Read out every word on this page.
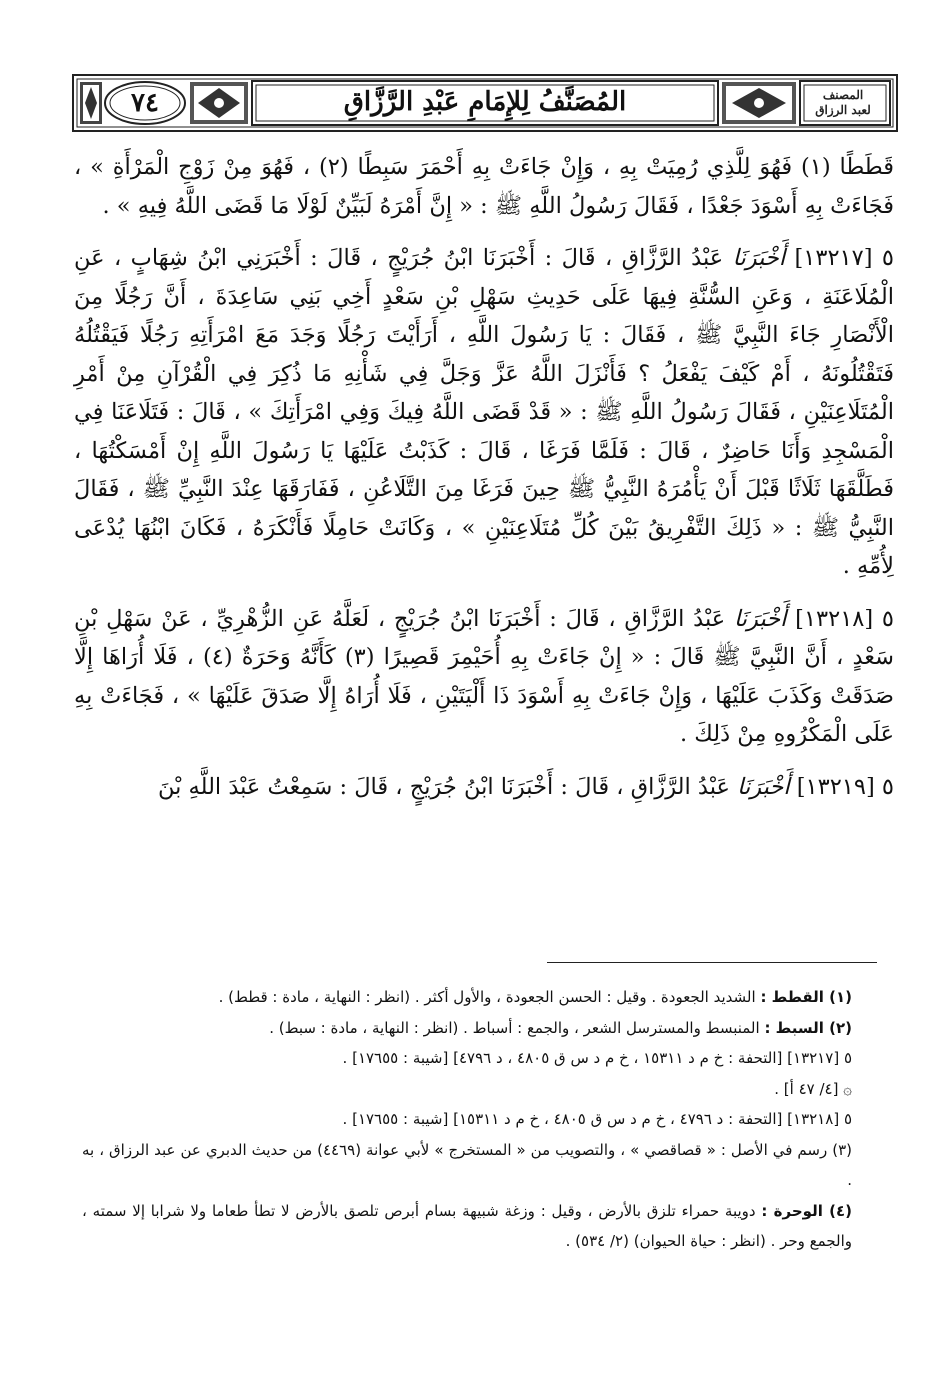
٧٤	المُصَنَّفُ لِلإِمَامِ عَبْدِ الرَّزَّاقِ	المصنف
لعبد الرزاق

قَطَطًا (١) فَهُوَ لِلَّذِي رُمِيَتْ بِهِ ، وَإِنْ جَاءَتْ بِهِ أَحْمَرَ سَبِطًا (٢) ، فَهُوَ مِنْ زَوْجِ الْمَرْأَةِ » ، فَجَاءَتْ بِهِ أَسْوَدَ جَعْدًا ، فَقَالَ رَسُولُ اللَّهِ ﷺ : « إِنَّ أَمْرَهُ لَبَيِّنٌ لَوْلَا مَا قَضَى اللَّهُ فِيهِ » .

٥ [١٣٢١٧] أَخْبَرَنَا عَبْدُ الرَّزَّاقِ ، قَالَ : أَخْبَرَنَا ابْنُ جُرَيْجٍ ، قَالَ : أَخْبَرَنِي ابْنُ شِهَابٍ ، عَنِ الْمُلَاعَنَةِ ، وَعَنِ السُّنَّةِ فِيهَا عَلَى حَدِيثِ سَهْلِ بْنِ سَعْدٍ أَخِي بَنِي سَاعِدَةَ ، أَنَّ رَجُلًا مِنَ الْأَنْصَارِ جَاءَ النَّبِيَّ ﷺ ، فَقَالَ : يَا رَسُولَ اللَّهِ ، أَرَأَيْتَ رَجُلًا وَجَدَ مَعَ امْرَأَتِهِ رَجُلًا فَيَقْتُلُهُ فَتَقْتُلُونَهُ ، أَمْ كَيْفَ يَفْعَلُ ؟ فَأَنْزَلَ اللَّهُ عَزَّ وَجَلَّ فِي شَأْنِهِ مَا ذُكِرَ فِي الْقُرْآنِ مِنْ أَمْرِ الْمُتَلَاعِنَيْنِ ، فَقَالَ رَسُولُ اللَّهِ ﷺ : « قَدْ قَضَى اللَّهُ فِيكَ وَفِي امْرَأَتِكَ » ، قَالَ : فَتَلَاعَنَا فِي الْمَسْجِدِ وَأَنَا حَاضِرٌ ، قَالَ : فَلَمَّا فَرَغَا ، قَالَ : كَذَبْتُ عَلَيْهَا يَا رَسُولَ اللَّهِ إِنْ أَمْسَكْتُهَا ، فَطَلَّقَهَا ثَلَاثًا قَبْلَ أَنْ يَأْمُرَهُ النَّبِيُّ ﷺ حِينَ فَرَغَا مِنَ التَّلَاعُنِ ، فَفَارَقَهَا عِنْدَ النَّبِيِّ ﷺ ، فَقَالَ النَّبِيُّ ﷺ : « ذَلِكَ التَّفْرِيقُ بَيْنَ كُلِّ مُتَلَاعِنَيْنِ » ، وَكَانَتْ حَامِلًا فَأَنْكَرَهُ ، فَكَانَ ابْنُهَا يُدْعَى لِأُمِّهِ .

٥ [١٣٢١٨] أَخْبَرَنَا عَبْدُ الرَّزَّاقِ ، قَالَ : أَخْبَرَنَا ابْنُ جُرَيْجٍ ، لَعَلَّهُ عَنِ الزُّهْرِيِّ ، عَنْ سَهْلِ بْنِ سَعْدٍ ، أَنَّ النَّبِيَّ ﷺ قَالَ : « إِنْ جَاءَتْ بِهِ أُحَيْمِرَ قَصِيرًا (٣) كَأَنَّهُ وَحَرَةٌ (٤) ، فَلَا أُرَاهَا إِلَّا صَدَقَتْ وَكَذَبَ عَلَيْهَا ، وَإِنْ جَاءَتْ بِهِ أَسْوَدَ ذَا أَلْيَتَيْنِ ، فَلَا أُرَاهُ إِلَّا صَدَقَ عَلَيْهَا » ، فَجَاءَتْ بِهِ عَلَى الْمَكْرُوهِ مِنْ ذَلِكَ .

٥ [١٣٢١٩] أَخْبَرَنَا عَبْدُ الرَّزَّاقِ ، قَالَ : أَخْبَرَنَا ابْنُ جُرَيْجٍ ، قَالَ : سَمِعْتُ عَبْدَ اللَّهِ بْنَ

(١) القطط : الشديد الجعودة . وقيل : الحسن الجعودة ، والأول أكثر . (انظر : النهاية ، مادة : قطط) .

(٢) السبط : المنبسط والمسترسل الشعر ، والجمع : أسباط . (انظر : النهاية ، مادة : سبط) .

٥ [١٣٢١٧] [التحفة : خ م د ١٥٣١١ ، خ م د س ق ٤٨٠٥ ، د ٤٧٩٦] [شيبة : ١٧٦٥٥] .

۞ [٤/ ٤٧ أ] .

٥ [١٣٢١٨] [التحفة : د ٤٧٩٦ ، خ م د س ق ٤٨٠٥ ، خ م د ١٥٣١١] [شيبة : ١٧٦٥٥] .

(٣) رسم في الأصل : « قصاقصي » ، والتصويب من « المستخرج » لأبي عوانة (٤٤٦٩) من حديث الدبري عن عبد الرزاق ، به .

(٤) الوحرة : دويبة حمراء تلزق بالأرض ، وقيل : وزغة شبيهة بسام أبرص تلصق بالأرض لا تطأ طعاما ولا شرابا إلا سمته ، والجمع وحر . (انظر : حياة الحيوان) (٢/ ٥٣٤) .
